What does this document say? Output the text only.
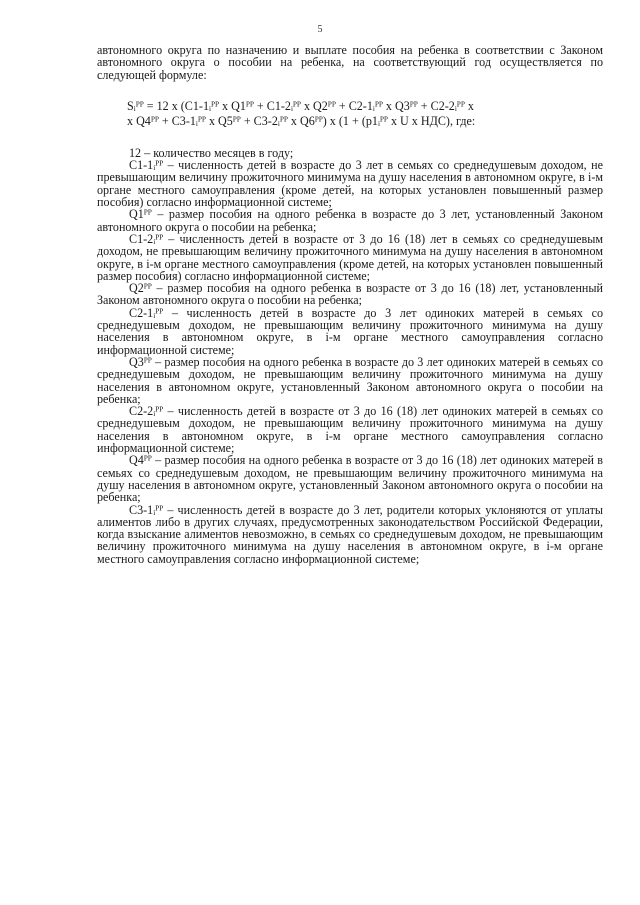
5

автономного округа по назначению и выплате пособия на ребенка в соответствии с Законом автономного округа о пособии на ребенка, на соответствующий год осуществляется по следующей формуле:

Sᵢᴾᴾ = 12 x (C1-1ᵢᴾᴾ x Q1ᴾᴾ + C1-2ᵢᴾᴾ x Q2ᴾᴾ + C2-1ᵢᴾᴾ x Q3ᴾᴾ + C2-2ᵢᴾᴾ x
x Q4ᴾᴾ + C3-1ᵢᴾᴾ x Q5ᴾᴾ + C3-2ᵢᴾᴾ x Q6ᴾᴾ) x (1 + (p1ᵢᴾᴾ x U x НДС), где:

12 – количество месяцев в году;

C1-1ᵢᴾᴾ – численность детей в возрасте до 3 лет в семьях со среднедушевым доходом, не превышающим величину прожиточного минимума на душу населения в автономном округе, в i-м органе местного самоуправления (кроме детей, на которых установлен повышенный размер пособия) согласно информационной системе;

Q1ᴾᴾ – размер пособия на одного ребенка в возрасте до 3 лет, установленный Законом автономного округа о пособии на ребенка;

C1-2ᵢᴾᴾ – численность детей в возрасте от 3 до 16 (18) лет в семьях со среднедушевым доходом, не превышающим величину прожиточного минимума на душу населения в автономном округе, в i-м органе местного самоуправления (кроме детей, на которых установлен повышенный размер пособия) согласно информационной системе;

Q2ᴾᴾ – размер пособия на одного ребенка в возрасте от 3 до 16 (18) лет, установленный Законом автономного округа о пособии на ребенка;

C2-1ᵢᴾᴾ – численность детей в возрасте до 3 лет одиноких матерей в семьях со среднедушевым доходом, не превышающим величину прожиточного минимума на душу населения в автономном округе, в i-м органе местного самоуправления согласно информационной системе;

Q3ᴾᴾ – размер пособия на одного ребенка в возрасте до 3 лет одиноких матерей в семьях со среднедушевым доходом, не превышающим величину прожиточного минимума на душу населения в автономном округе, установленный Законом автономного округа о пособии на ребенка;

C2-2ᵢᴾᴾ – численность детей в возрасте от 3 до 16 (18) лет одиноких матерей в семьях со среднедушевым доходом, не превышающим величину прожиточного минимума на душу населения в автономном округе, в i-м органе местного самоуправления согласно информационной системе;

Q4ᴾᴾ – размер пособия на одного ребенка в возрасте от 3 до 16 (18) лет одиноких матерей в семьях со среднедушевым доходом, не превышающим величину прожиточного минимума на душу населения в автономном округе, установленный Законом автономного округа о пособии на ребенка;

C3-1ᵢᴾᴾ – численность детей в возрасте до 3 лет, родители которых уклоняются от уплаты алиментов либо в других случаях, предусмотренных законодательством Российской Федерации, когда взыскание алиментов невозможно, в семьях со среднедушевым доходом, не превышающим величину прожиточного минимума на душу населения в автономном округе, в i-м органе местного самоуправления согласно информационной системе;
